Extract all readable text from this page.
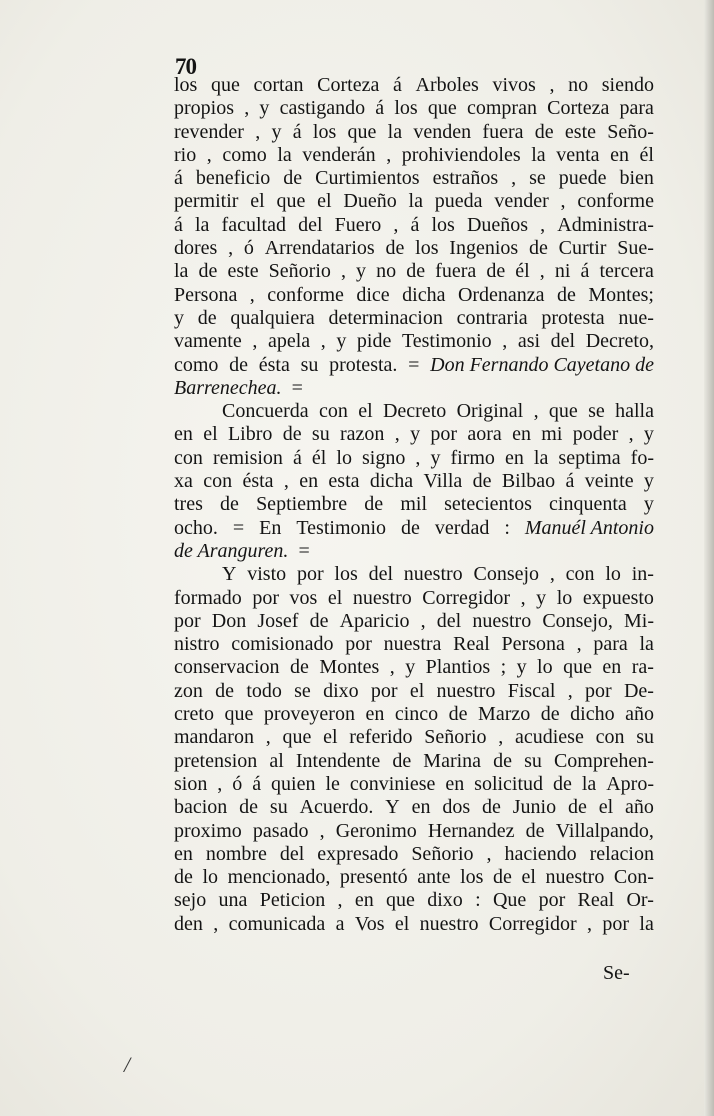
70
los que cortan Corteza á Arboles vivos , no siendo
propios , y castigando á los que compran Corteza para
revender , y á los que la venden fuera de este Seño-
rio , como la venderán , prohiviendoles la venta en él
á beneficio de Curtimientos estraños , se puede bien
permitir el que el Dueño la pueda vender , conforme
á la facultad del Fuero , á los Dueños , Administra-
dores , ó Arrendatarios de los Ingenios de Curtir Sue-
la de este Señorio , y no de fuera de él , ni á tercera
Persona , conforme dice dicha Ordenanza de Montes;
y de qualquiera determinacion contraria protesta nue-
vamente , apela , y pide Testimonio , asi del Decreto,
como de ésta su protesta. = Don Fernando Cayetano de
Barrenechea. =
Concuerda con el Decreto Original , que se halla
en el Libro de su razon , y por aora en mi poder , y
con remision á él lo signo , y firmo en la septima fo-
xa con ésta , en esta dicha Villa de Bilbao á veinte y
tres de Septiembre de mil setecientos cinquenta y
ocho. = En Testimonio de verdad : Manuél Antonio
de Aranguren. =
Y visto por los del nuestro Consejo , con lo in-
formado por vos el nuestro Corregidor , y lo expuesto
por Don Josef de Aparicio , del nuestro Consejo, Mi-
nistro comisionado por nuestra Real Persona , para la
conservacion de Montes , y Plantios ; y lo que en ra-
zon de todo se dixo por el nuestro Fiscal , por De-
creto que proveyeron en cinco de Marzo de dicho año
mandaron , que el referido Señorio , acudiese con su
pretension al Intendente de Marina de su Comprehen-
sion , ó á quien le conviniese en solicitud de la Apro-
bacion de su Acuerdo. Y en dos de Junio de el año
proximo pasado , Geronimo Hernandez de Villalpando,
en nombre del expresado Señorio , haciendo relacion
de lo mencionado, presentó ante los de el nuestro Con-
sejo una Peticion , en que dixo : Que por Real Or-
den , comunicada a Vos el nuestro Corregidor , por la
Se-
/
